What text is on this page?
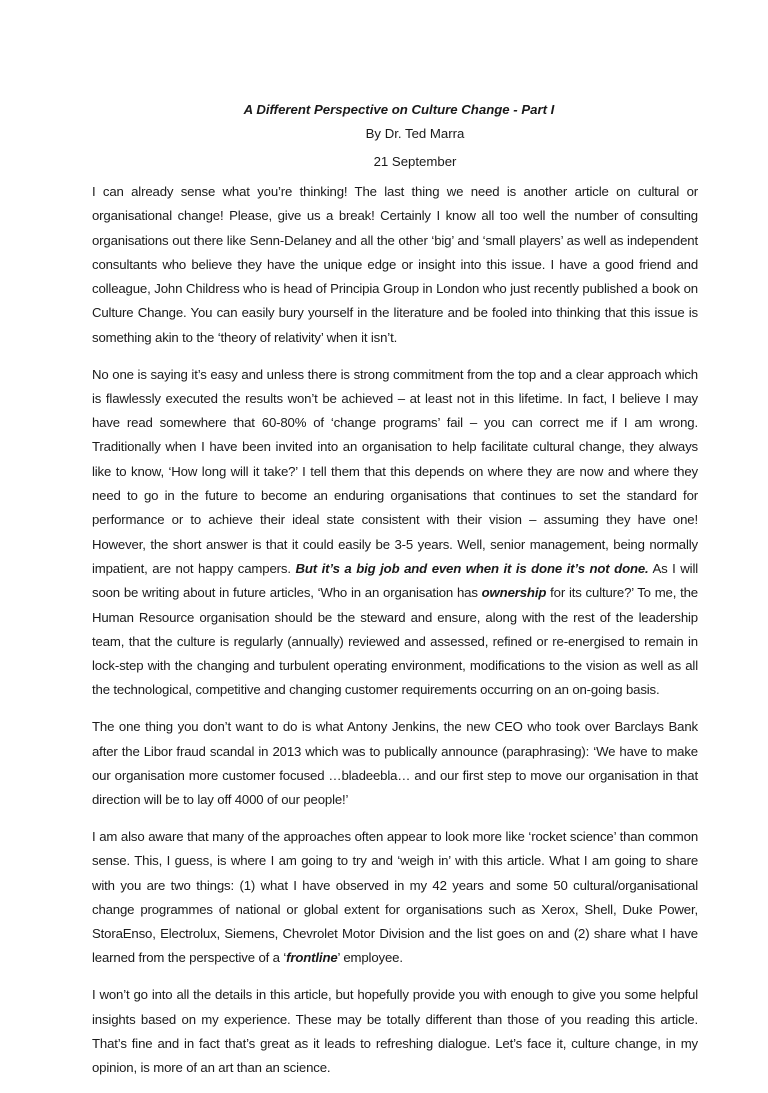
A Different Perspective on Culture Change - Part I
By Dr. Ted Marra
21 September

I can already sense what you’re thinking! The last thing we need is another article on cultural or organisational change! Please, give us a break! Certainly I know all too well the number of consulting organisations out there like Senn-Delaney and all the other ‘big’ and ‘small players’ as well as independent consultants who believe they have the unique edge or insight into this issue. I have a good friend and colleague, John Childress who is head of Principia Group in London who just recently published a book on Culture Change. You can easily bury yourself in the literature and be fooled into thinking that this issue is something akin to the ‘theory of relativity’ when it isn’t.

No one is saying it’s easy and unless there is strong commitment from the top and a clear approach which is flawlessly executed the results won’t be achieved – at least not in this lifetime. In fact, I believe I may have read somewhere that 60-80% of ‘change programs’ fail – you can correct me if I am wrong. Traditionally when I have been invited into an organisation to help facilitate cultural change, they always like to know, ‘How long will it take?’ I tell them that this depends on where they are now and where they need to go in the future to become an enduring organisations that continues to set the standard for performance or to achieve their ideal state consistent with their vision – assuming they have one! However, the short answer is that it could easily be 3-5 years. Well, senior management, being normally impatient, are not happy campers. But it’s a big job and even when it is done it’s not done. As I will soon be writing about in future articles, ‘Who in an organisation has ownership for its culture?’ To me, the Human Resource organisation should be the steward and ensure, along with the rest of the leadership team, that the culture is regularly (annually) reviewed and assessed, refined or re-energised to remain in lock-step with the changing and turbulent operating environment, modifications to the vision as well as all the technological, competitive and changing customer requirements occurring on an on-going basis.

The one thing you don’t want to do is what Antony Jenkins, the new CEO who took over Barclays Bank after the Libor fraud scandal in 2013 which was to publically announce (paraphrasing): ‘We have to make our organisation more customer focused …bladeebla… and our first step to move our organisation in that direction will be to lay off 4000 of our people!’

I am also aware that many of the approaches often appear to look more like ‘rocket science’ than common sense. This, I guess, is where I am going to try and ‘weigh in’ with this article. What I am going to share with you are two things: (1) what I have observed in my 42 years and some 50 cultural/organisational change programmes of national or global extent for organisations such as Xerox, Shell, Duke Power, StoraEnso, Electrolux, Siemens, Chevrolet Motor Division and the list goes on and (2) share what I have learned from the perspective of a ‘frontline’ employee.

I won’t go into all the details in this article, but hopefully provide you with enough to give you some helpful insights based on my experience. These may be totally different than those of you reading this article. That’s fine and in fact that’s great as it leads to refreshing dialogue. Let’s face it, culture change, in my opinion, is more of an art than an science.
